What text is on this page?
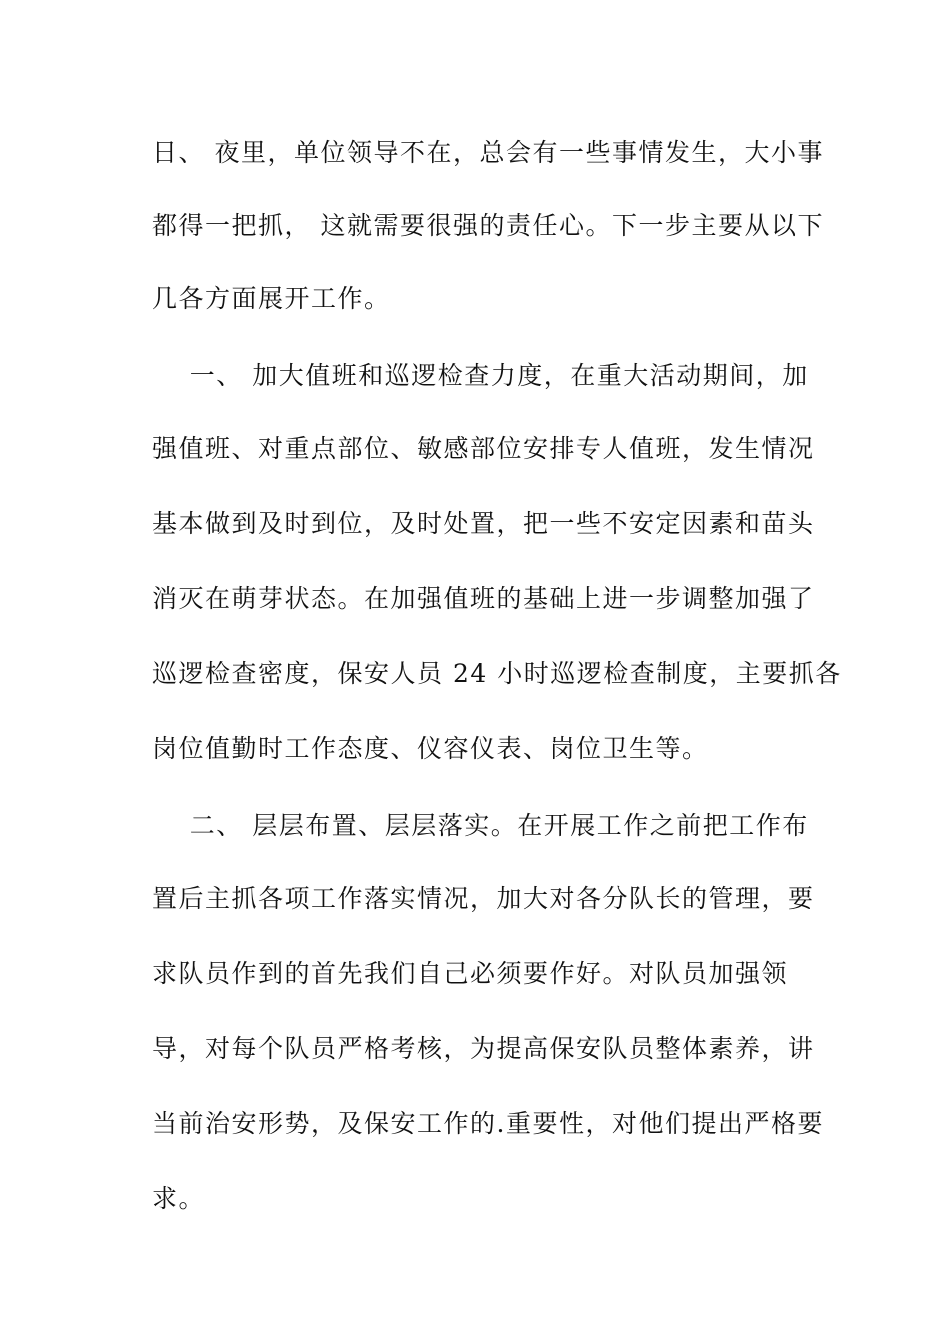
日、 夜里，单位领导不在，总会有一些事情发生，大小事
都得一把抓， 这就需要很强的责任心。下一步主要从以下
几各方面展开工作。
一、 加大值班和巡逻检查力度，在重大活动期间，加
强值班、对重点部位、敏感部位安排专人值班，发生情况
基本做到及时到位，及时处置，把一些不安定因素和苗头
消灭在萌芽状态。在加强值班的基础上进一步调整加强了
巡逻检查密度，保安人员 24 小时巡逻检查制度，主要抓各
岗位值勤时工作态度、仪容仪表、岗位卫生等。
二、 层层布置、层层落实。在开展工作之前把工作布
置后主抓各项工作落实情况，加大对各分队长的管理，要
求队员作到的首先我们自己必须要作好。对队员加强领
导，对每个队员严格考核，为提高保安队员整体素养，讲
当前治安形势，及保安工作的.重要性，对他们提出严格要
求。
